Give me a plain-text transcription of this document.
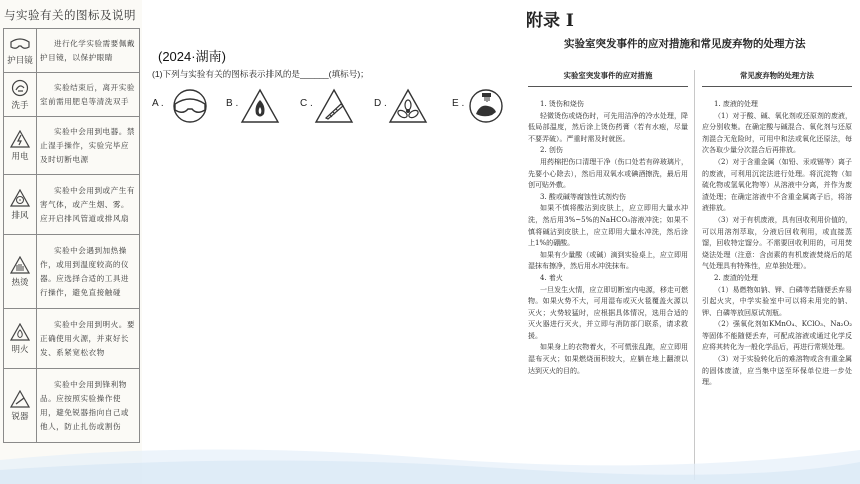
与实验有关的图标及说明
护目镜	进行化学实验需要佩戴护目镜，以保护眼睛

洗手	实验结束后，离开实验室前需用肥皂等清洗双手

用电	实验中会用到电器。禁止湿手操作，实验完毕应及时切断电源

排风	实验中会用到或产生有害气体，或产生烟、雾。应开启排风管道或排风扇

热烫	实验中会遇到加热操作，或用到温度较高的仪器。应选择合适的工具进行操作，避免直接触碰

明火	实验中会用到明火。要正确使用火源，并束好长发、系紧宽松衣物

锐器	实验中会用到锋利物品。应按照实验操作使用，避免锐器指向自己或他人，防止扎伤或割伤
(2024·湖南)
(1)下列与实验有关的图标表示排风的是______(填标号)；
A .	B .	C .	D .	E .
附录 I
实验室突发事件的应对措施和常见废弃物的处理方法
实验室突发事件的应对措施

1. 烫伤和烧伤

轻微烫伤或烧伤时，可先用洁净的冷水处理，降低局部温度，然后涂上烫伤药膏（若有水疱，尽量不要弄破）。严重时需及时就医。

2. 创伤

用药棉把伤口清理干净（伤口处若有碎玻璃片，先要小心除去），然后用双氧水或碘酒擦洗，最后用创可贴外敷。

3. 酸或碱等腐蚀性试剂灼伤

如果不慎将酸沾到皮肤上，应立即用大量水冲洗，然后用3%~5%的NaHCO₃溶液冲洗；如果不慎将碱沾到皮肤上，应立即用大量水冲洗，然后涂上1%的硼酸。

如果有少量酸（或碱）滴到实验桌上，应立即用湿抹布擦净，然后用水冲洗抹布。

4. 着火

一旦发生火情，应立即切断室内电源，移走可燃物。如果火势不大，可用湿布或灭火毯覆盖火源以灭火；火势较猛时，应根据具体情况，选用合适的灭火器进行灭火，并立即与消防部门联系，请求救援。

如果身上的衣物着火，不可慌张乱跑，应立即用湿布灭火；如果燃烧面积较大，应躺在地上翻滚以达到灭火的目的。

常见废弃物的处理方法

1. 废液的处理

（1）对于酸、碱、氧化剂或还原剂的废液，应分别收集。在确定酸与碱混合、氧化剂与还原剂混合无危险时，可用中和法或氧化还原法，每次各取少量分次混合后再排放。

（2）对于含重金属（如铅、汞或镉等）离子的废液，可利用沉淀法进行处理。将沉淀物（如硫化物或氢氧化物等）从溶液中分离，并作为废渣处理；在确定溶液中不含重金属离子后，将溶液排放。

（3）对于有机废液，具有回收利用价值的，可以用溶剂萃取，分液后回收利用，或直接蒸馏，回收特定馏分。不需要回收利用的，可用焚烧法处理（注意：含卤素的有机废液焚烧后的尾气处理具有特殊性，应单独处理）。

2. 废渣的处理

（1）易燃物如钠、钾、白磷等若随便丢弃易引起火灾，中学实验室中可以将未用完的钠、钾、白磷等放回原试剂瓶。

（2）强氧化剂如KMnO₄、KClO₃、Na₂O₂等固体不能随便丢弃，可配成溶液或通过化学反应将其转化为一般化学品后，再进行常规处理。

（3）对于实验转化后的难溶物或含有重金属的固体废渣，应当集中送至环保单位进一步处理。
